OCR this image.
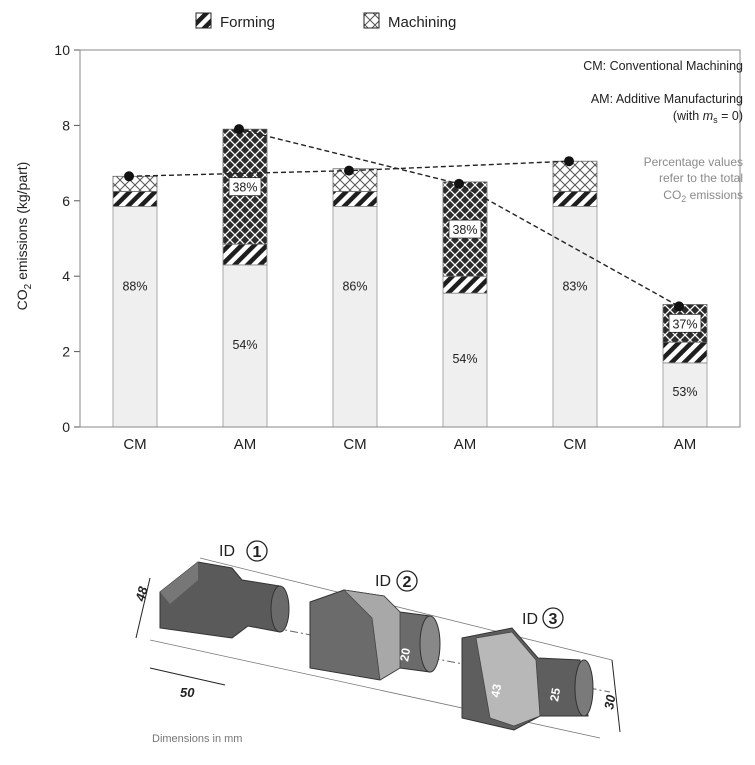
Forming	Machining
$CO_2$ emissions (kg/part)
0
2
4
6
8
10
CM
88%
AM
54%
38%
CM
86%
AM
54%
38%
CM
83%
AM
53%
37%
CM: Conventional Machining
AM: Additive Manufacturing
(with $m_s = 0$)
Percentage values
refer to the total
$CO_2$ emissions
ID 1
48
50
20
ID 2
43	25
ID 3
30
Dimensions in mm
